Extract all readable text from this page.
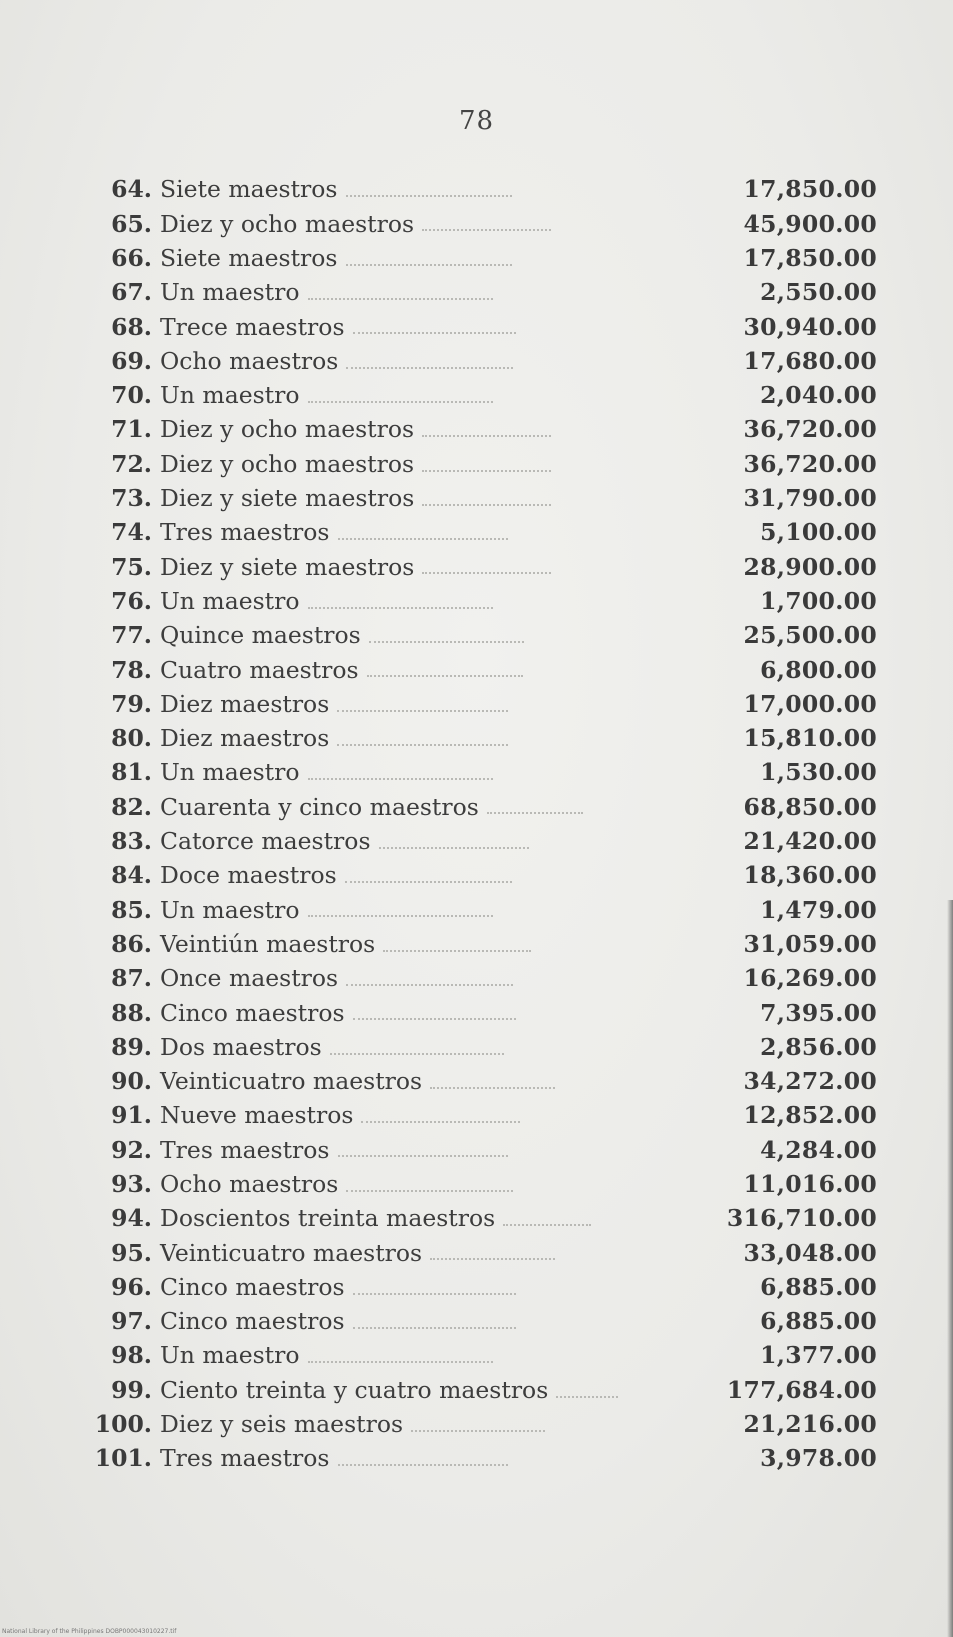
78
64. Siete maestros	17,850.00
65. Diez y ocho maestros	45,900.00
66. Siete maestros	17,850.00
67. Un maestro	2,550.00
68. Trece maestros	30,940.00
69. Ocho maestros	17,680.00
70. Un maestro	2,040.00
71. Diez y ocho maestros	36,720.00
72. Diez y ocho maestros	36,720.00
73. Diez y siete maestros	31,790.00
74. Tres maestros	5,100.00
75. Diez y siete maestros	28,900.00
76. Un maestro	1,700.00
77. Quince maestros	25,500.00
78. Cuatro maestros	6,800.00
79. Diez maestros	17,000.00
80. Diez maestros	15,810.00
81. Un maestro	1,530.00
82. Cuarenta y cinco maestros	68,850.00
83. Catorce maestros	21,420.00
84. Doce maestros	18,360.00
85. Un maestro	1,479.00
86. Veintiún maestros	31,059.00
87. Once maestros	16,269.00
88. Cinco maestros	7,395.00
89. Dos maestros	2,856.00
90. Veinticuatro maestros	34,272.00
91. Nueve maestros	12,852.00
92. Tres maestros	4,284.00
93. Ocho maestros	11,016.00
94. Doscientos treinta maestros	316,710.00
95. Veinticuatro maestros	33,048.00
96. Cinco maestros	6,885.00
97. Cinco maestros	6,885.00
98. Un maestro	1,377.00
99. Ciento treinta y cuatro maestros	177,684.00
100. Diez y seis maestros	21,216.00
101. Tres maestros	3,978.00
National Library of the Philippines DOBP000043010227.tif
